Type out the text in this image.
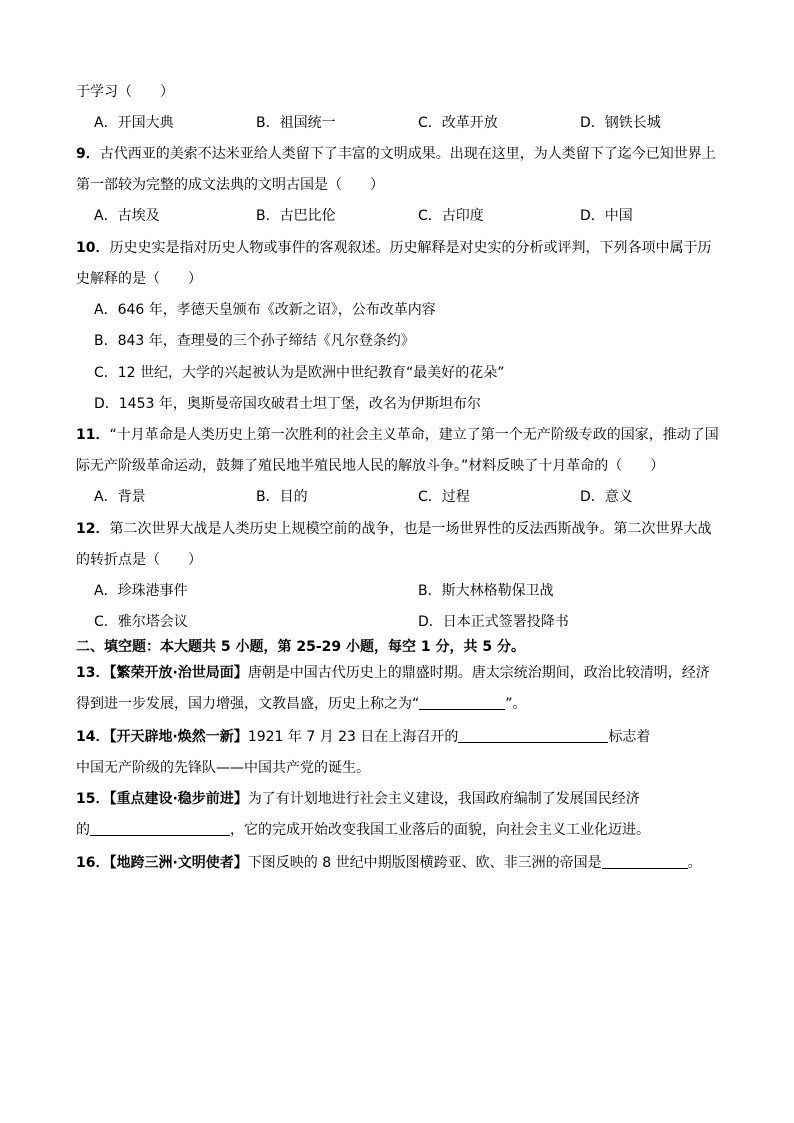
于学习（　　）
A．开国大典	B．祖国统一	C．改革开放	D．钢铁长城
9．古代西亚的美索不达米亚给人类留下了丰富的文明成果。出现在这里，为人类留下了迄今已知世界上
第一部较为完整的成文法典的文明古国是（　　）
A．古埃及	B．古巴比伦	C．古印度	D．中国
10．历史史实是指对历史人物或事件的客观叙述。历史解释是对史实的分析或评判，下列各项中属于历
史解释的是（　　）
A．646 年，孝德天皇颁布《改新之诏》，公布改革内容
B．843 年，查理曼的三个孙子缔结《凡尔登条约》
C．12 世纪，大学的兴起被认为是欧洲中世纪教育“最美好的花朵”
D．1453 年，奥斯曼帝国攻破君士坦丁堡，改名为伊斯坦布尔
11．“十月革命是人类历史上第一次胜利的社会主义革命，建立了第一个无产阶级专政的国家，推动了国
际无产阶级革命运动，鼓舞了殖民地半殖民地人民的解放斗争。”材料反映了十月革命的（　　）
A．背景	B．目的	C．过程	D．意义
12．第二次世界大战是人类历史上规模空前的战争，也是一场世界性的反法西斯战争。第二次世界大战
的转折点是（　　）
A．珍珠港事件	B．斯大林格勒保卫战
C．雅尔塔会议	D．日本正式签署投降书
二、填空题：本大题共 5 小题，第 25-29 小题，每空 1 分，共 5 分。
13．【繁荣开放·治世局面】唐朝是中国古代历史上的鼎盛时期。唐太宗统治期间，政治比较清明，经济
得到进一步发展，国力增强，文教昌盛，历史上称之为“	”。
14．【开天辟地·焕然一新】1921 年 7 月 23 日在上海召开的	标志着
中国无产阶级的先锋队——中国共产党的诞生。
15．【重点建设·稳步前进】为了有计划地进行社会主义建设，我国政府编制了发展国民经济
的	，它的完成开始改变我国工业落后的面貌，向社会主义工业化迈进。
16．【地跨三洲·文明使者】下图反映的 8 世纪中期版图横跨亚、欧、非三洲的帝国是	。
